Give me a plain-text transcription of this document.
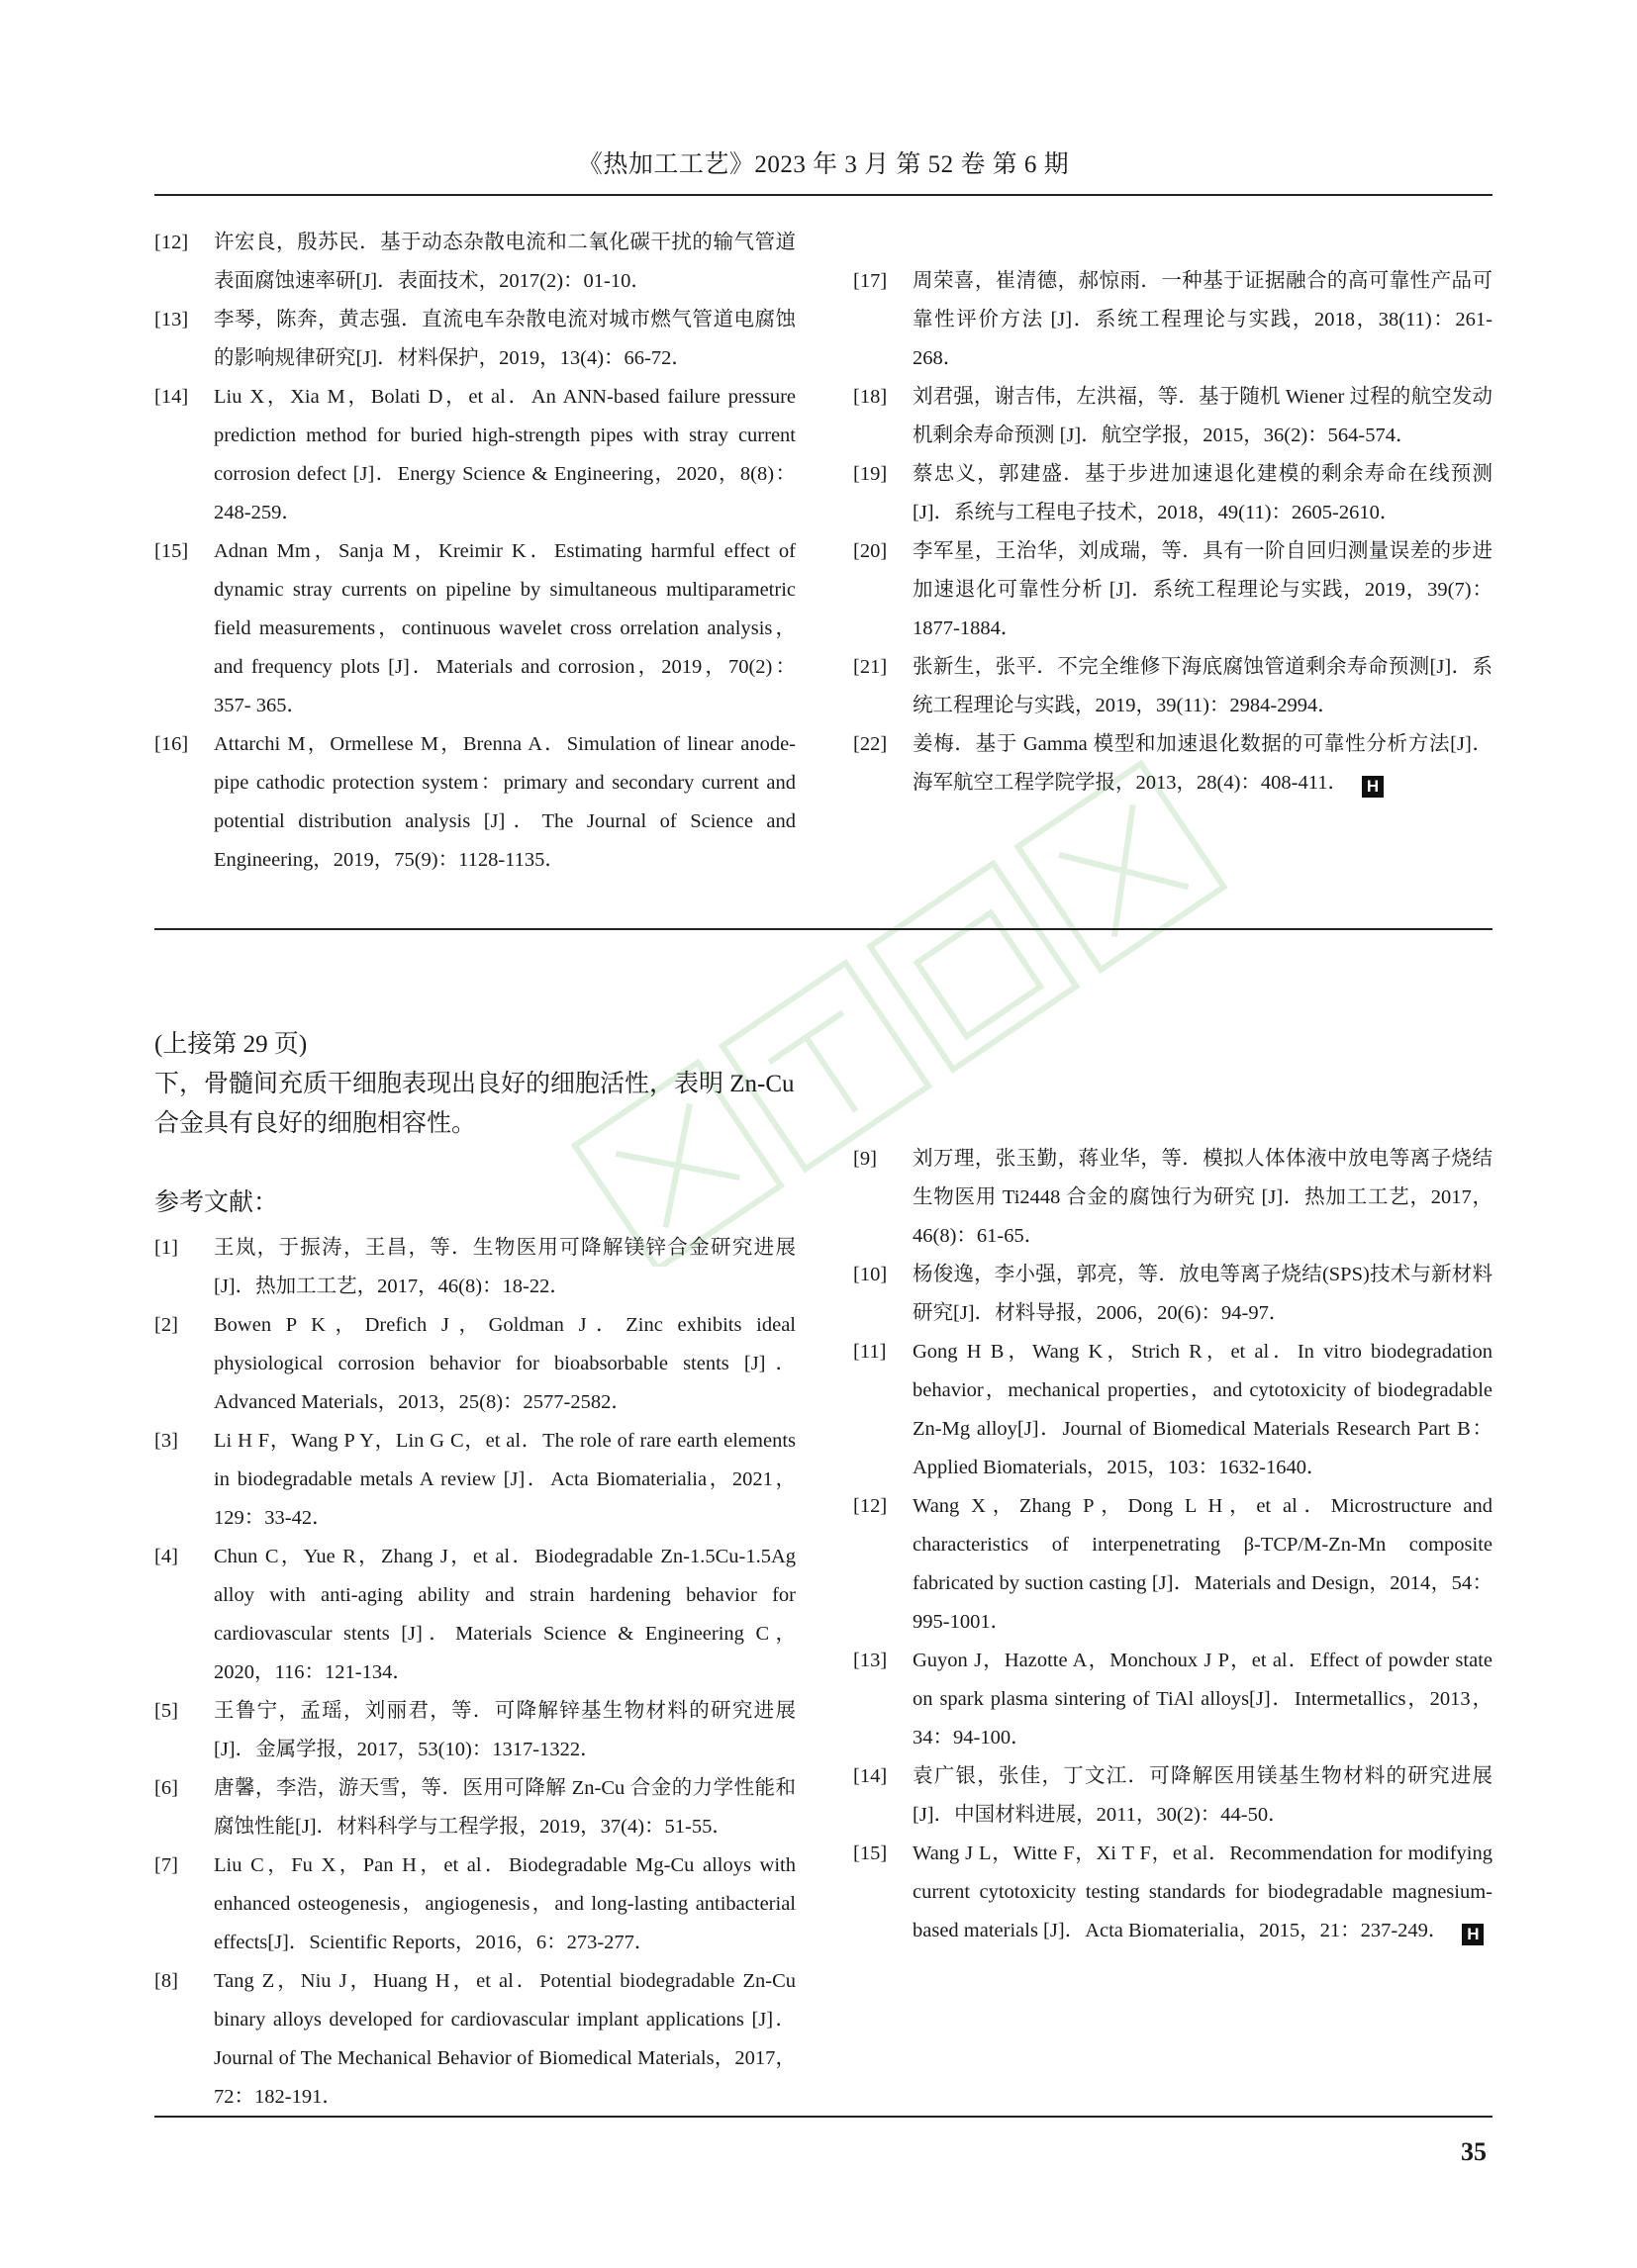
《热加工工艺》2023 年 3 月 第 52 卷 第 6 期
[12] 许宏良，殷苏民．基于动态杂散电流和二氧化碳干扰的输气管道表面腐蚀速率研[J]．表面技术，2017(2)：01-10．
[13] 李琴，陈奔，黄志强．直流电车杂散电流对城市燃气管道电腐蚀的影响规律研究[J]．材料保护，2019，13(4)：66-72．
[14] Liu X，Xia M，Bolati D，et al．An ANN-based failure pressure prediction method for buried high-strength pipes with stray current corrosion defect [J]．Energy Science & Engineering，2020，8(8)：248-259．
[15] Adnan Mm，Sanja M，Kreimir K．Estimating harmful effect of dynamic stray currents on pipeline by simultaneous multiparametric field measurements，continuous wavelet cross orrelation analysis，and frequency plots [J]．Materials and corrosion，2019，70(2)：357- 365．
[16] Attarchi M，Ormellese M，Brenna A．Simulation of linear anode-pipe cathodic protection system：primary and secondary current and potential distribution analysis [J]．The Journal of Science and Engineering，2019，75(9)：1128-1135．
[17] 周荣喜，崔清德，郝惊雨．一种基于证据融合的高可靠性产品可靠性评价方法 [J]．系统工程理论与实践，2018，38(11)：261-268．
[18] 刘君强，谢吉伟，左洪福，等．基于随机 Wiener 过程的航空发动机剩余寿命预测 [J]．航空学报，2015，36(2)：564-574．
[19] 蔡忠义，郭建盛．基于步进加速退化建模的剩余寿命在线预测 [J]．系统与工程电子技术，2018，49(11)：2605-2610．
[20] 李军星，王治华，刘成瑞，等．具有一阶自回归测量误差的步进加速退化可靠性分析 [J]．系统工程理论与实践，2019，39(7)：1877-1884．
[21] 张新生，张平．不完全维修下海底腐蚀管道剩余寿命预测[J]．系统工程理论与实践，2019，39(11)：2984-2994．
[22] 姜梅．基于 Gamma 模型和加速退化数据的可靠性分析方法[J]．海军航空工程学院学报，2013，28(4)：408-411． H
(上接第 29 页)

下，骨髓间充质干细胞表现出良好的细胞活性，表明 Zn-Cu 合金具有良好的细胞相容性。

参考文献：
[1] 王岚，于振涛，王昌，等．生物医用可降解镁锌合金研究进展[J]．热加工工艺，2017，46(8)：18-22．
[2] Bowen P K，Drefich J，Goldman J．Zinc exhibits ideal physiological corrosion behavior for bioabsorbable stents [J]．Advanced Materials，2013，25(8)：2577-2582．
[3] Li H F，Wang P Y，Lin G C，et al．The role of rare earth elements in biodegradable metals A review [J]．Acta Biomaterialia，2021，129：33-42．
[4] Chun C，Yue R，Zhang J，et al．Biodegradable Zn-1.5Cu-1.5Ag alloy with anti-aging ability and strain hardening behavior for cardiovascular stents [J]．Materials Science & Engineering C，2020，116：121-134．
[5] 王鲁宁，孟瑶，刘丽君，等．可降解锌基生物材料的研究进展[J]．金属学报，2017，53(10)：1317-1322．
[6] 唐馨，李浩，游天雪，等．医用可降解 Zn-Cu 合金的力学性能和腐蚀性能[J]．材料科学与工程学报，2019，37(4)：51-55．
[7] Liu C，Fu X，Pan H，et al．Biodegradable Mg-Cu alloys with enhanced osteogenesis，angiogenesis，and long-lasting antibacterial effects[J]．Scientific Reports，2016，6：273-277．
[8] Tang Z，Niu J，Huang H，et al．Potential biodegradable Zn-Cu binary alloys developed for cardiovascular implant applications [J]．Journal of The Mechanical Behavior of Biomedical Materials，2017，72：182-191．
[9] 刘万理，张玉勤，蒋业华，等．模拟人体体液中放电等离子烧结生物医用 Ti2448 合金的腐蚀行为研究 [J]．热加工工艺，2017，46(8)：61-65．
[10] 杨俊逸，李小强，郭亮，等．放电等离子烧结(SPS)技术与新材料研究[J]．材料导报，2006，20(6)：94-97．
[11] Gong H B，Wang K，Strich R，et al．In vitro biodegradation behavior，mechanical properties，and cytotoxicity of biodegradable Zn-Mg alloy[J]．Journal of Biomedical Materials Research Part B：Applied Biomaterials，2015，103：1632-1640．
[12] Wang X，Zhang P，Dong L H，et al．Microstructure and characteristics of interpenetrating β-TCP/M-Zn-Mn composite fabricated by suction casting [J]．Materials and Design，2014，54：995-1001．
[13] Guyon J，Hazotte A，Monchoux J P，et al．Effect of powder state on spark plasma sintering of TiAl alloys[J]．Intermetallics，2013，34：94-100．
[14] 袁广银，张佳，丁文江．可降解医用镁基生物材料的研究进展[J]．中国材料进展，2011，30(2)：44-50．
[15] Wang J L，Witte F，Xi T F，et al．Recommendation for modifying current cytotoxicity testing standards for biodegradable magnesium-based materials [J]．Acta Biomaterialia，2015，21：237-249． H
35
